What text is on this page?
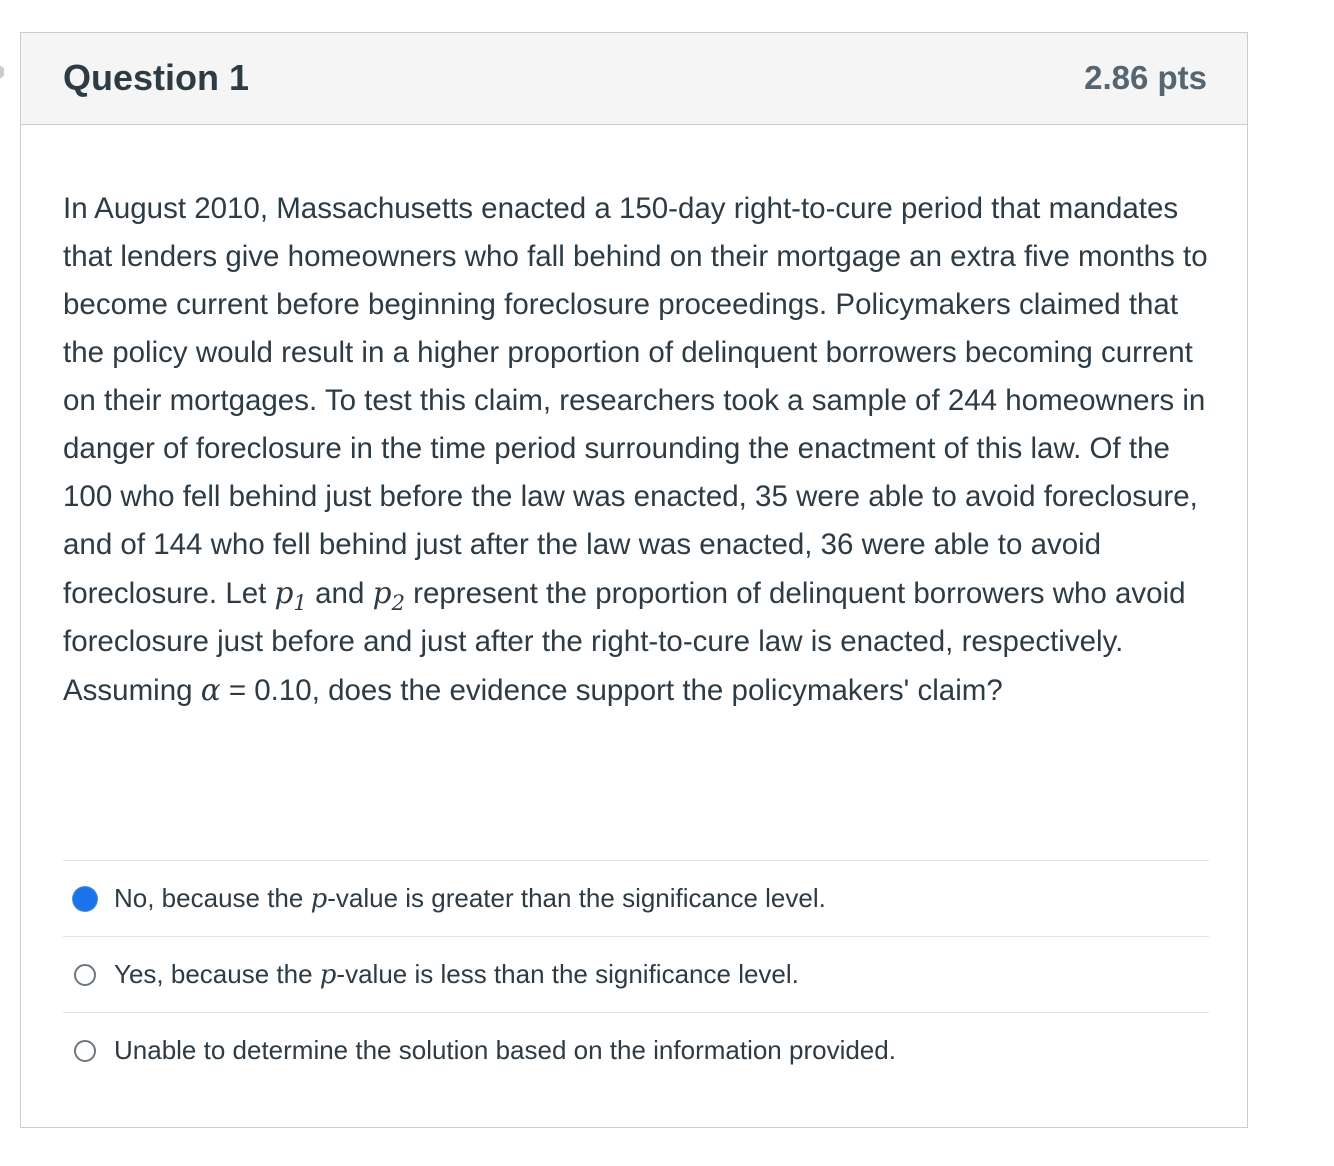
Question 1	2.86 pts

In August 2010, Massachusetts enacted a 150-day right-to-cure period that mandates that lenders give homeowners who fall behind on their mortgage an extra five months to become current before beginning foreclosure proceedings. Policymakers claimed that the policy would result in a higher proportion of delinquent borrowers becoming current on their mortgages. To test this claim, researchers took a sample of 244 homeowners in danger of foreclosure in the time period surrounding the enactment of this law. Of the 100 who fell behind just before the law was enacted, 35 were able to avoid foreclosure, and of 144 who fell behind just after the law was enacted, 36 were able to avoid foreclosure. Let $p_1$ and $p_2$ represent the proportion of delinquent borrowers who avoid foreclosure just before and just after the right-to-cure law is enacted, respectively. Assuming α = 0.10, does the evidence support the policymakers' claim?

No, because the p-value is greater than the significance level.
Yes, because the p-value is less than the significance level.
Unable to determine the solution based on the information provided.
